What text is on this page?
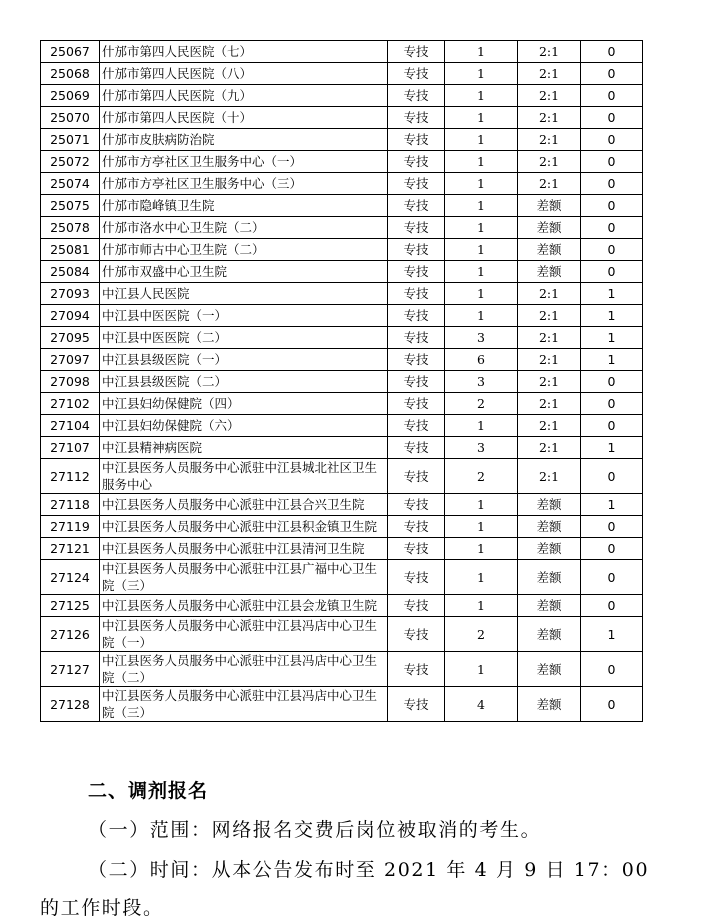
25067	什邡市第四人民医院（七）	专技	1	2:1	0
25068	什邡市第四人民医院（八）	专技	1	2:1	0
25069	什邡市第四人民医院（九）	专技	1	2:1	0
25070	什邡市第四人民医院（十）	专技	1	2:1	0
25071	什邡市皮肤病防治院	专技	1	2:1	0
25072	什邡市方亭社区卫生服务中心（一）	专技	1	2:1	0
25074	什邡市方亭社区卫生服务中心（三）	专技	1	2:1	0
25075	什邡市隐峰镇卫生院	专技	1	差额	0
25078	什邡市洛水中心卫生院（二）	专技	1	差额	0
25081	什邡市师古中心卫生院（二）	专技	1	差额	0
25084	什邡市双盛中心卫生院	专技	1	差额	0
27093	中江县人民医院	专技	1	2:1	1
27094	中江县中医医院（一）	专技	1	2:1	1
27095	中江县中医医院（二）	专技	3	2:1	1
27097	中江县县级医院（一）	专技	6	2:1	1
27098	中江县县级医院（二）	专技	3	2:1	0
27102	中江县妇幼保健院（四）	专技	2	2:1	0
27104	中江县妇幼保健院（六）	专技	1	2:1	0
27107	中江县精神病医院	专技	3	2:1	1
27112	中江县医务人员服务中心派驻中江县城北社区卫生服务中心	专技	2	2:1	0
27118	中江县医务人员服务中心派驻中江县合兴卫生院	专技	1	差额	1
27119	中江县医务人员服务中心派驻中江县积金镇卫生院	专技	1	差额	0
27121	中江县医务人员服务中心派驻中江县清河卫生院	专技	1	差额	0
27124	中江县医务人员服务中心派驻中江县广福中心卫生院（三）	专技	1	差额	0
27125	中江县医务人员服务中心派驻中江县会龙镇卫生院	专技	1	差额	0
27126	中江县医务人员服务中心派驻中江县冯店中心卫生院（一）	专技	2	差额	1
27127	中江县医务人员服务中心派驻中江县冯店中心卫生院（二）	专技	1	差额	0
27128	中江县医务人员服务中心派驻中江县冯店中心卫生院（三）	专技	4	差额	0

二、调剂报名

（一）范围：网络报名交费后岗位被取消的考生。

（二）时间：从本公告发布时至 2021 年 4 月 9 日 17：00

的工作时段。
